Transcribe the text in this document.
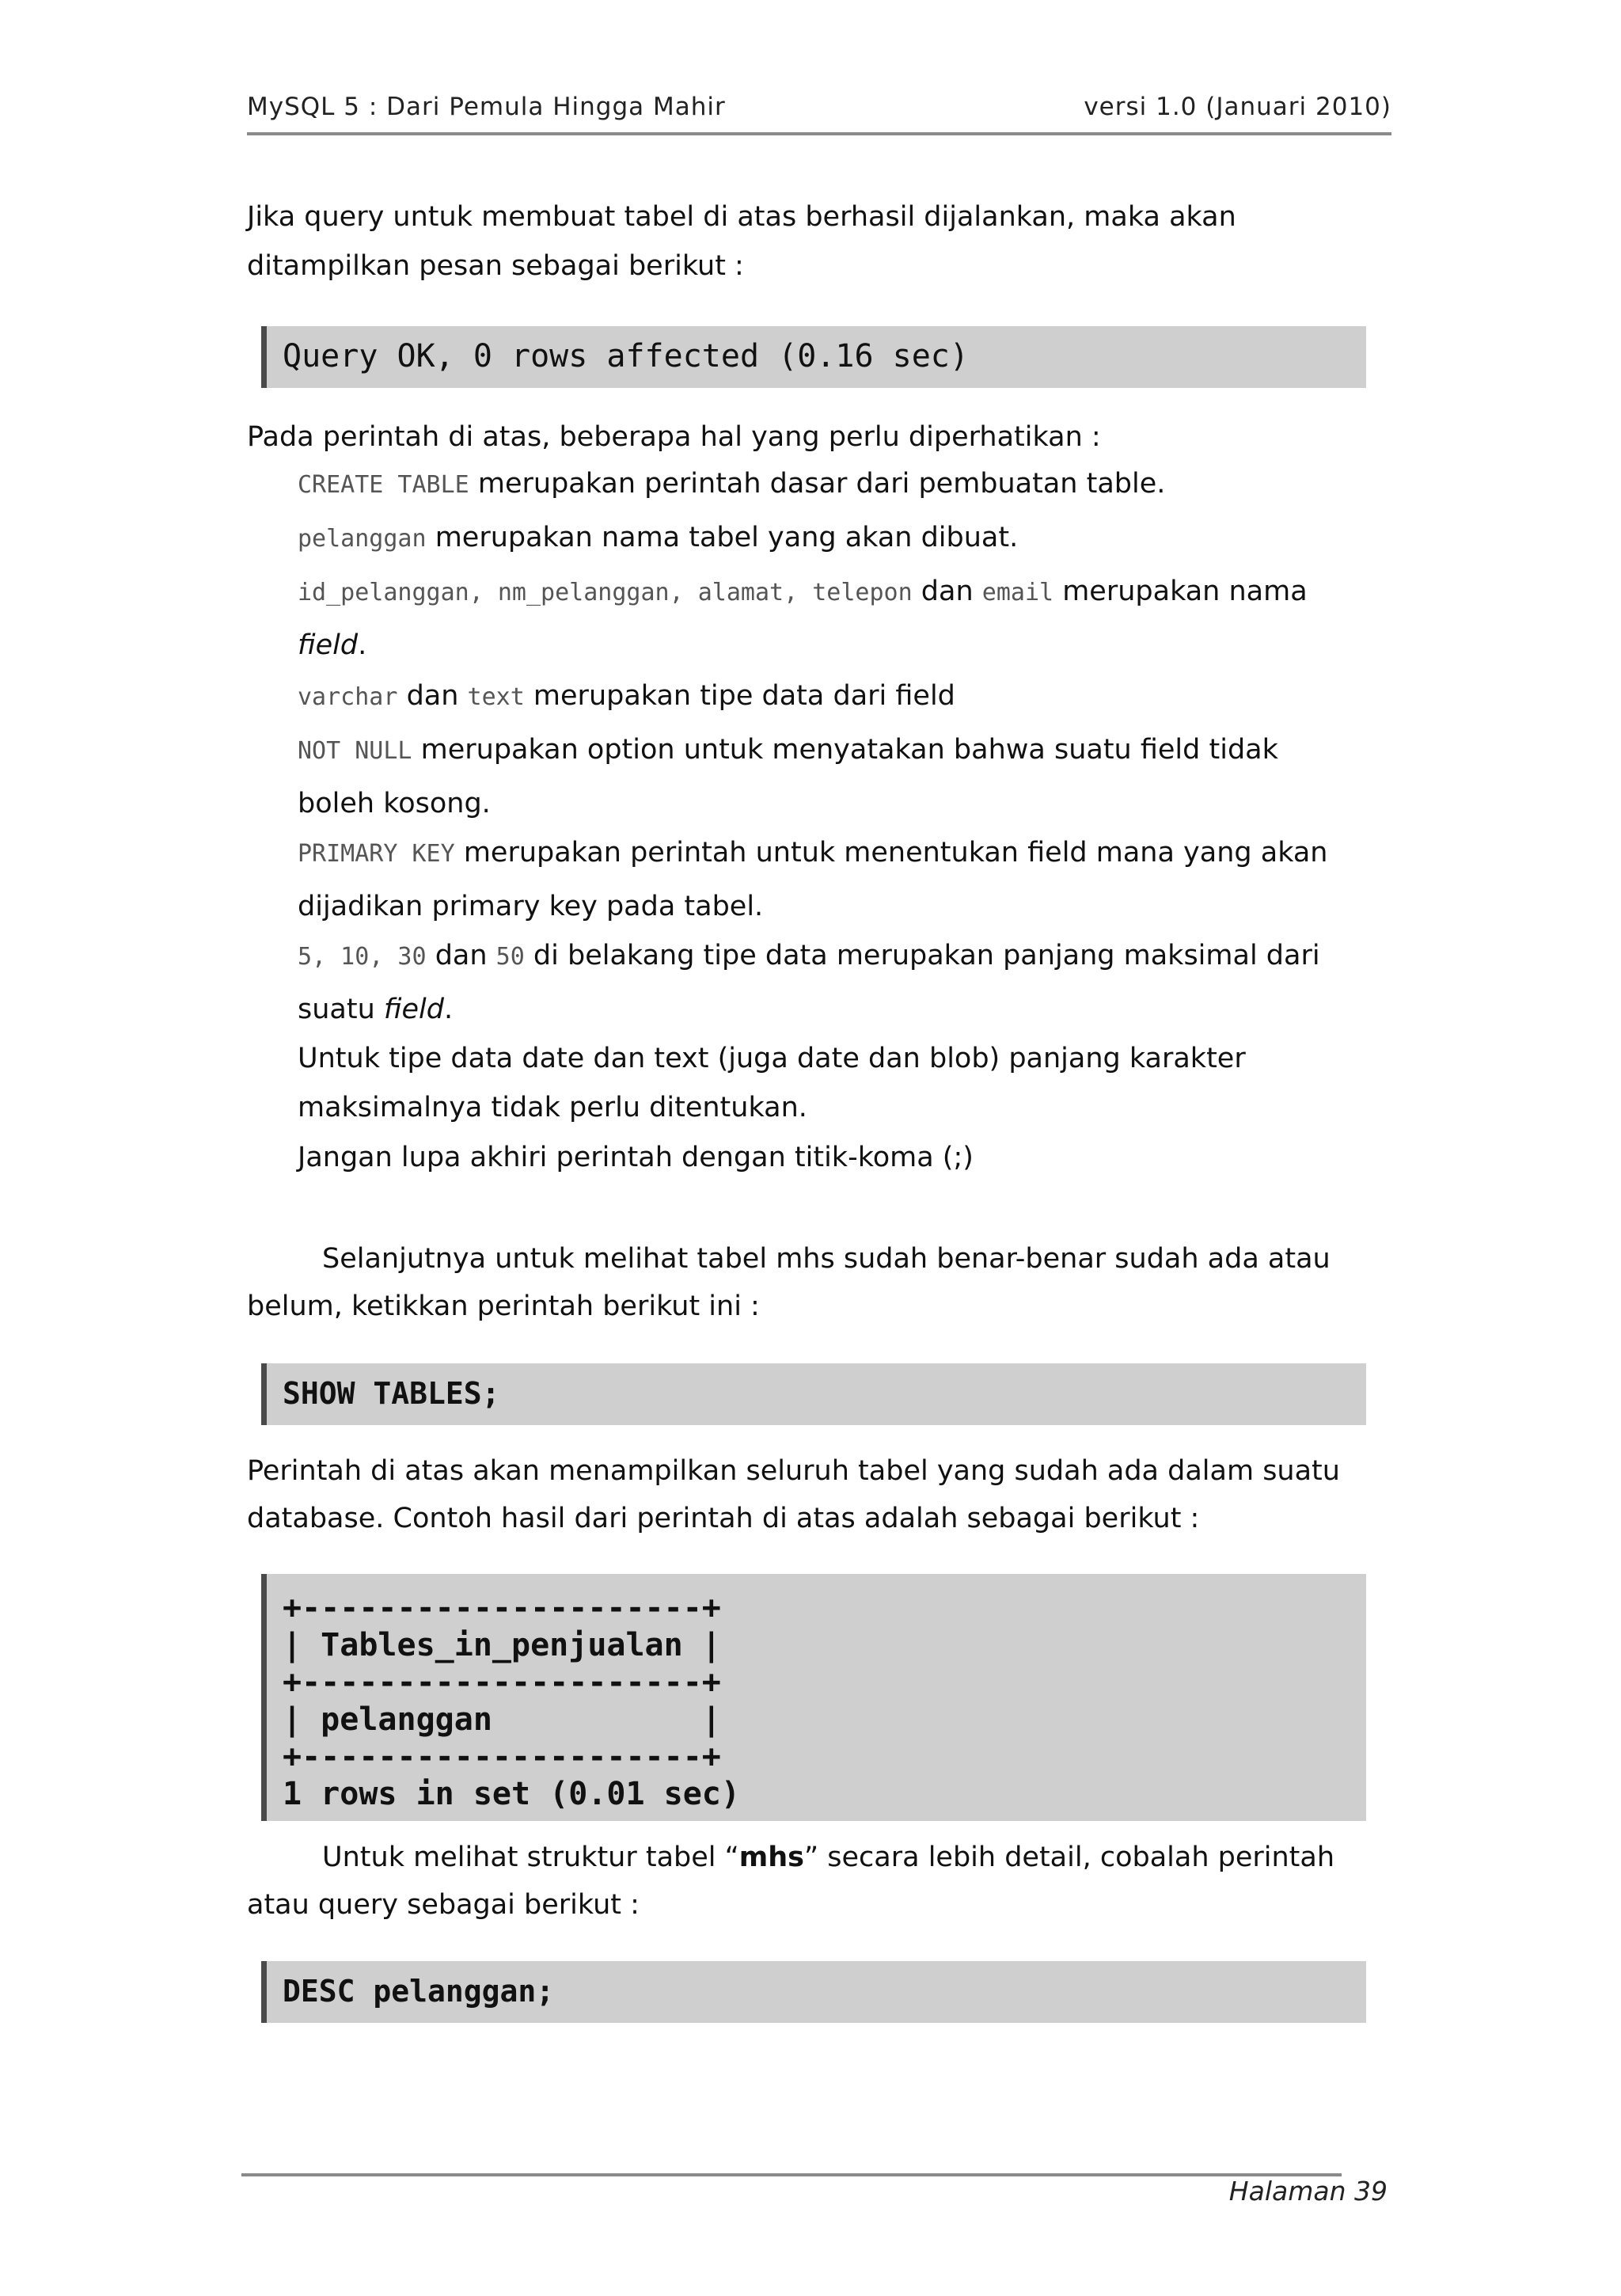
MySQL 5 : Dari Pemula Hingga Mahir	versi 1.0 (Januari 2010)

Jika query untuk membuat tabel di atas berhasil dijalankan, maka akan ditampilkan pesan sebagai berikut :

Query OK, 0 rows affected (0.16 sec)

Pada perintah di atas, beberapa hal yang perlu diperhatikan :

CREATE TABLE merupakan perintah dasar dari pembuatan table.

pelanggan merupakan nama tabel yang akan dibuat.

id_pelanggan, nm_pelanggan, alamat, telepon dan email merupakan nama field.

varchar dan text merupakan tipe data dari field

NOT NULL merupakan option untuk menyatakan bahwa suatu field tidak boleh kosong.

PRIMARY KEY merupakan perintah untuk menentukan field mana yang akan dijadikan primary key pada tabel.

5, 10, 30 dan 50 di belakang tipe data merupakan panjang maksimal dari suatu field.

Untuk tipe data date dan text (juga date dan blob) panjang karakter maksimalnya tidak perlu ditentukan.

Jangan lupa akhiri perintah dengan titik-koma (;)

Selanjutnya untuk melihat tabel mhs sudah benar-benar sudah ada atau belum, ketikkan perintah berikut ini :

SHOW TABLES;

Perintah di atas akan menampilkan seluruh tabel yang sudah ada dalam suatu database. Contoh hasil dari perintah di atas adalah sebagai berikut :

+---------------------+
| Tables_in_penjualan |
+---------------------+
| pelanggan           |
+---------------------+
1 rows in set (0.01 sec)

Untuk melihat struktur tabel “mhs” secara lebih detail, cobalah perintah atau query sebagai berikut :

DESC pelanggan;
Halaman 39
